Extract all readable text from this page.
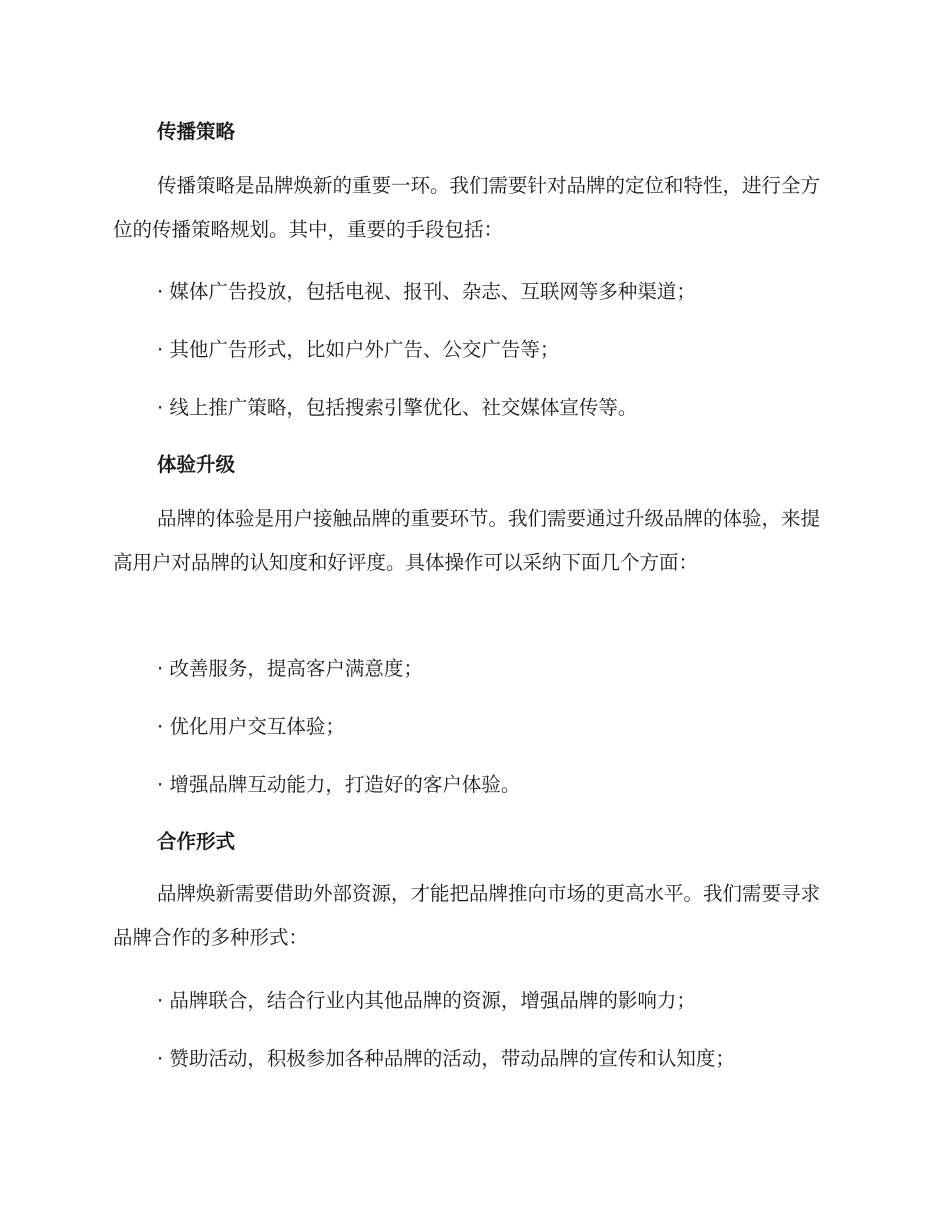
传播策略

传播策略是品牌焕新的重要一环。我们需要针对品牌的定位和特性，进行全方位的传播策略规划。其中，重要的手段包括：

· 媒体广告投放，包括电视、报刊、杂志、互联网等多种渠道；
· 其他广告形式，比如户外广告、公交广告等；
· 线上推广策略，包括搜索引擎优化、社交媒体宣传等。
体验升级

品牌的体验是用户接触品牌的重要环节。我们需要通过升级品牌的体验，来提高用户对品牌的认知度和好评度。具体操作可以采纳下面几个方面：

· 改善服务，提高客户满意度；
· 优化用户交互体验；
· 增强品牌互动能力，打造好的客户体验。
合作形式

品牌焕新需要借助外部资源，才能把品牌推向市场的更高水平。我们需要寻求品牌合作的多种形式：

· 品牌联合，结合行业内其他品牌的资源，增强品牌的影响力；
· 赞助活动，积极参加各种品牌的活动，带动品牌的宣传和认知度；
